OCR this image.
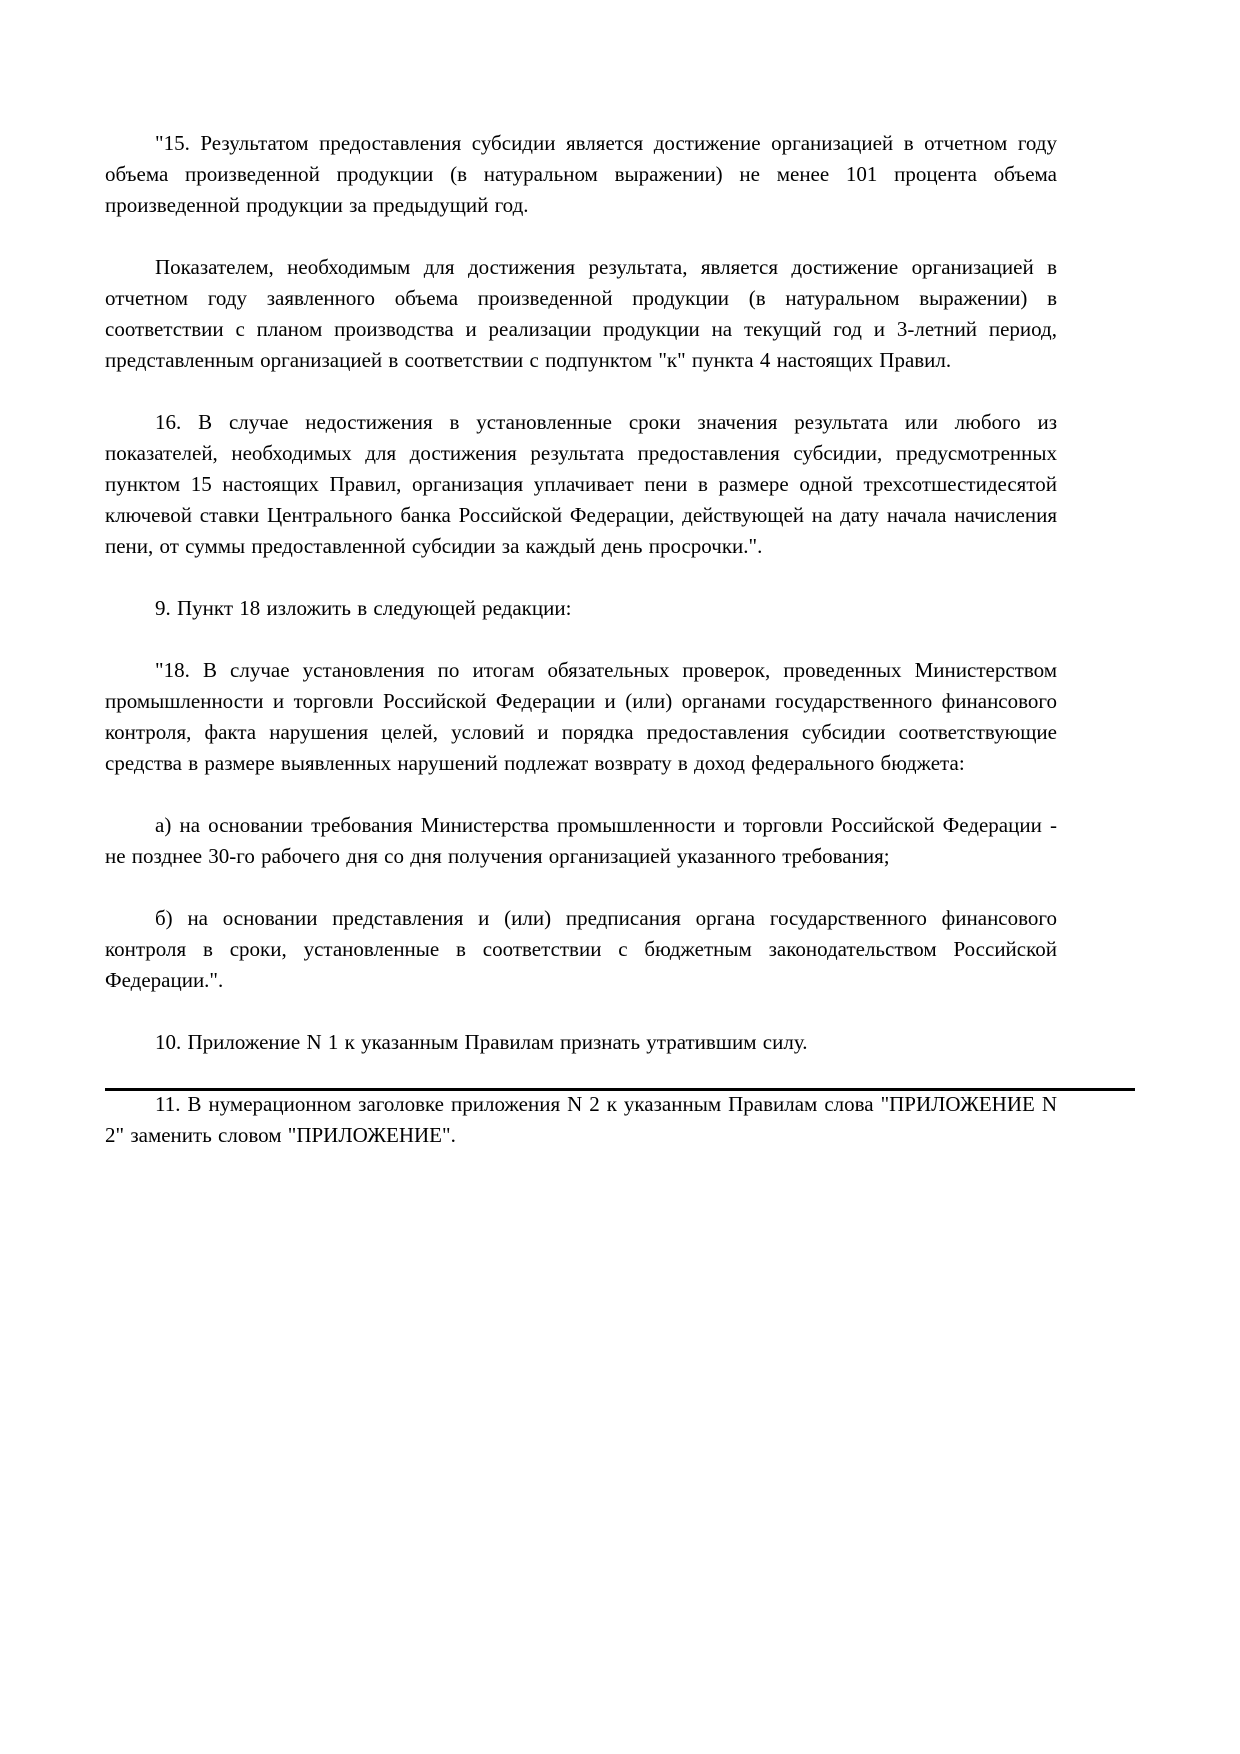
"15. Результатом предоставления субсидии является достижение организацией в отчетном году объема произведенной продукции (в натуральном выражении) не менее 101 процента объема произведенной продукции за предыдущий год.

Показателем, необходимым для достижения результата, является достижение организацией в отчетном году заявленного объема произведенной продукции (в натуральном выражении) в соответствии с планом производства и реализации продукции на текущий год и 3-летний период, представленным организацией в соответствии с подпунктом "к" пункта 4 настоящих Правил.

16. В случае недостижения в установленные сроки значения результата или любого из показателей, необходимых для достижения результата предоставления субсидии, предусмотренных пунктом 15 настоящих Правил, организация уплачивает пени в размере одной трехсотшестидесятой ключевой ставки Центрального банка Российской Федерации, действующей на дату начала начисления пени, от суммы предоставленной субсидии за каждый день просрочки.".

9. Пункт 18 изложить в следующей редакции:

"18. В случае установления по итогам обязательных проверок, проведенных Министерством промышленности и торговли Российской Федерации и (или) органами государственного финансового контроля, факта нарушения целей, условий и порядка предоставления субсидии соответствующие средства в размере выявленных нарушений подлежат возврату в доход федерального бюджета:

а) на основании требования Министерства промышленности и торговли Российской Федерации - не позднее 30-го рабочего дня со дня получения организацией указанного требования;

б) на основании представления и (или) предписания органа государственного финансового контроля в сроки, установленные в соответствии с бюджетным законодательством Российской Федерации.".

10. Приложение N 1 к указанным Правилам признать утратившим силу.

11. В нумерационном заголовке приложения N 2 к указанным Правилам слова "ПРИЛОЖЕНИЕ N 2" заменить словом "ПРИЛОЖЕНИЕ".
